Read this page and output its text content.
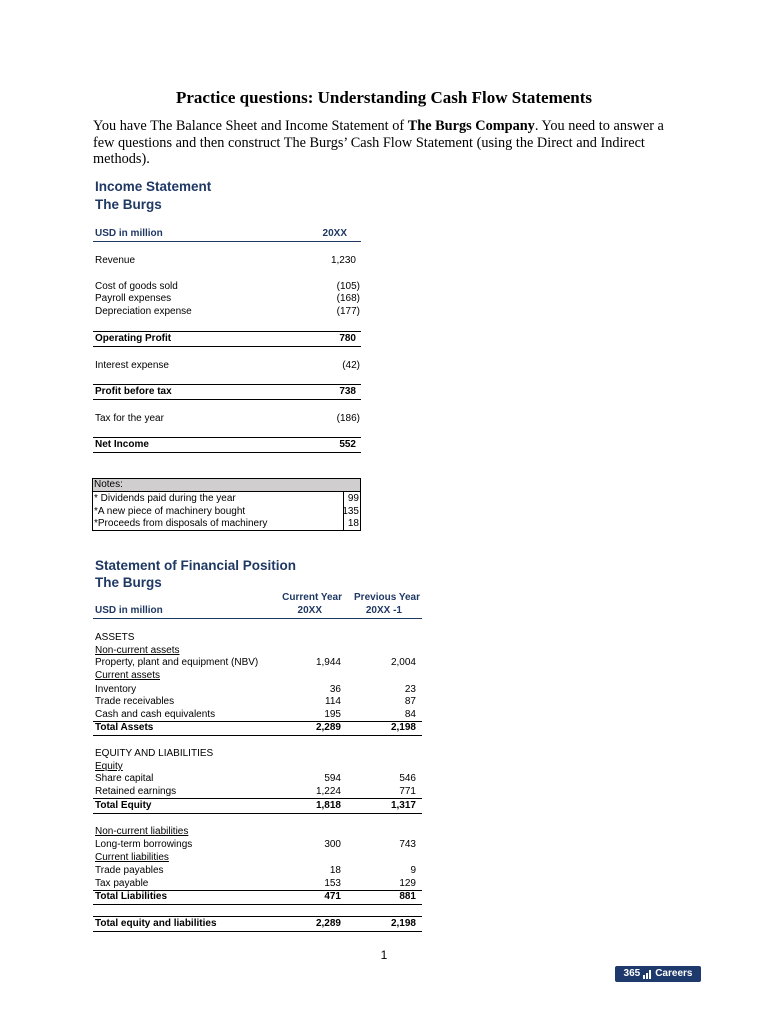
Practice questions: Understanding Cash Flow Statements
You have The Balance Sheet and Income Statement of The Burgs Company. You need to answer a few questions and then construct The Burgs’ Cash Flow Statement (using the Direct and Indirect methods).
Income Statement
The Burgs
USD in million	20XX
Revenue	1,230
Cost of goods sold	(105)
Payroll expenses	(168)
Depreciation expense	(177)
Operating Profit	780
Interest expense	(42)
Profit before tax	738
Tax for the year	(186)
Net Income	552
Notes:
* Dividends paid during the year	99
*A new piece of machinery bought	135
*Proceeds from disposals of machinery	18
Statement of Financial Position
The Burgs
Current Year	Previous Year
USD in million	20XX	20XX -1
ASSETS
Non-current assets
Property, plant and equipment (NBV)	1,944	2,004
Current assets
Inventory	36	23
Trade receivables	114	87
Cash and cash equivalents	195	84
Total Assets	2,289	2,198
EQUITY AND LIABILITIES
Equity
Share capital	594	546
Retained earnings	1,224	771
Total Equity	1,818	1,317
Non-current liabilities
Long-term borrowings	300	743
Current liabilities
Trade payables	18	9
Tax payable	153	129
Total Liabilities	471	881
Total equity and liabilities	2,289	2,198
1
365 Careers
